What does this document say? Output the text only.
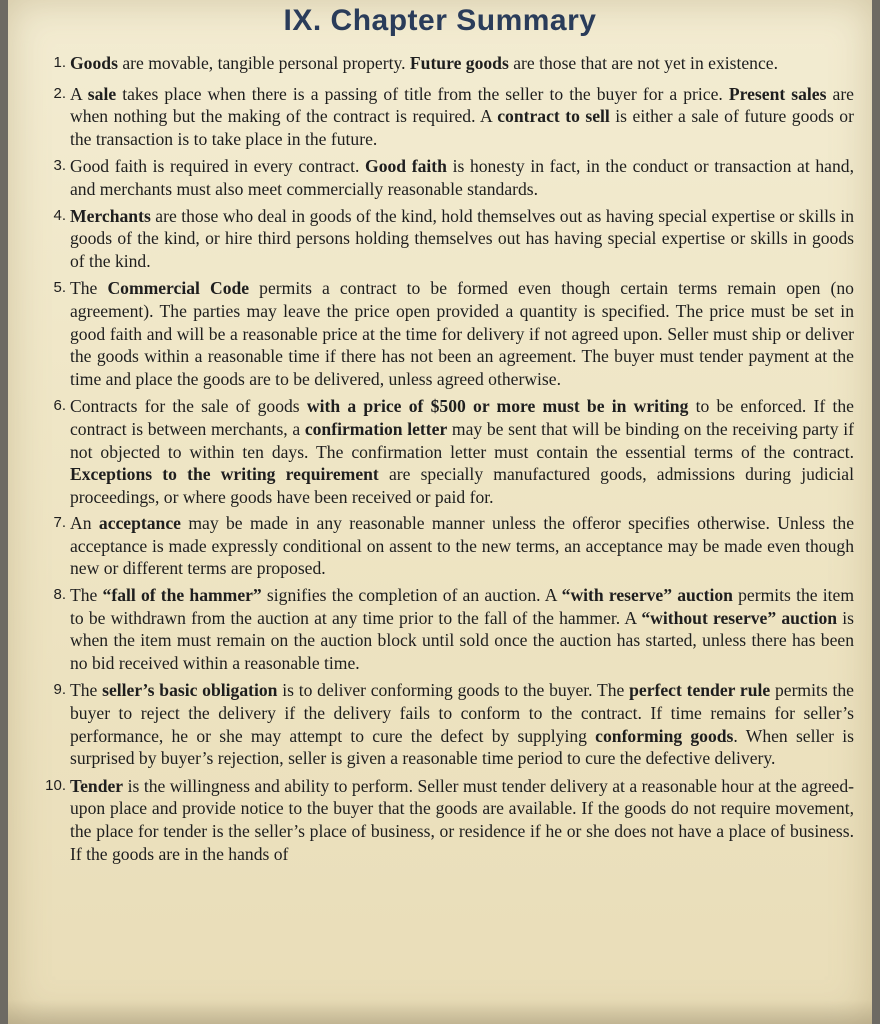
IX. Chapter Summary
1. Goods are movable, tangible personal property. Future goods are those that are not yet in existence.
2. A sale takes place when there is a passing of title from the seller to the buyer for a price. Present sales are when nothing but the making of the contract is required. A contract to sell is either a sale of future goods or the transaction is to take place in the future.
3. Good faith is required in every contract. Good faith is honesty in fact, in the conduct or transaction at hand, and merchants must also meet commercially reasonable standards.
4. Merchants are those who deal in goods of the kind, hold themselves out as having special expertise or skills in goods of the kind, or hire third persons holding themselves out has having special expertise or skills in goods of the kind.
5. The Commercial Code permits a contract to be formed even though certain terms remain open (no agreement). The parties may leave the price open provided a quantity is specified. The price must be set in good faith and will be a reasonable price at the time for delivery if not agreed upon. Seller must ship or deliver the goods within a reasonable time if there has not been an agreement. The buyer must tender payment at the time and place the goods are to be delivered, unless agreed otherwise.
6. Contracts for the sale of goods with a price of $500 or more must be in writing to be enforced. If the contract is between merchants, a confirmation letter may be sent that will be binding on the receiving party if not objected to within ten days. The confirmation letter must contain the essential terms of the contract. Exceptions to the writing requirement are specially manufactured goods, admissions during judicial proceedings, or where goods have been received or paid for.
7. An acceptance may be made in any reasonable manner unless the offeror specifies otherwise. Unless the acceptance is made expressly conditional on assent to the new terms, an acceptance may be made even though new or different terms are proposed.
8. The “fall of the hammer” signifies the completion of an auction. A “with reserve” auction permits the item to be withdrawn from the auction at any time prior to the fall of the hammer. A “without reserve” auction is when the item must remain on the auction block until sold once the auction has started, unless there has been no bid received within a reasonable time.
9. The seller’s basic obligation is to deliver conforming goods to the buyer. The perfect tender rule permits the buyer to reject the delivery if the delivery fails to conform to the contract. If time remains for seller’s performance, he or she may attempt to cure the defect by supplying conforming goods. When seller is surprised by buyer’s rejection, seller is given a reasonable time period to cure the defective delivery.
10. Tender is the willingness and ability to perform. Seller must tender delivery at a reasonable hour at the agreed-upon place and provide notice to the buyer that the goods are available. If the goods do not require movement, the place for tender is the seller’s place of business, or residence if he or she does not have a place of business. If the goods are in the hands of
